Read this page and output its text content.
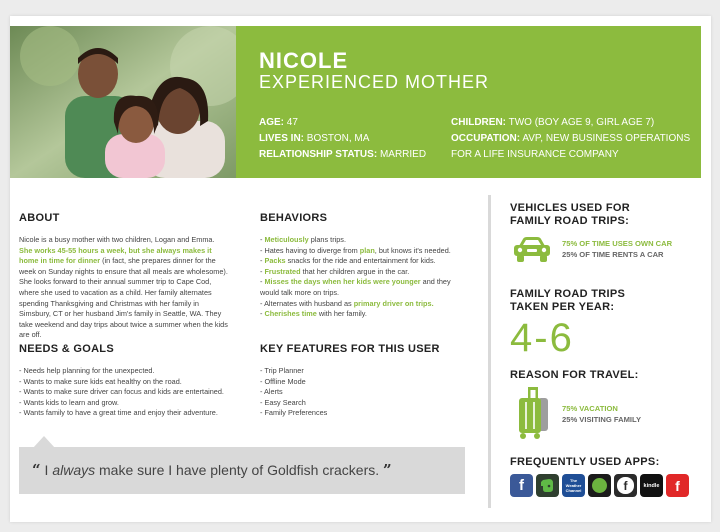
NICOLE
EXPERIENCED MOTHER
AGE: 47
LIVES IN: BOSTON, MA
RELATIONSHIP STATUS: MARRIED
CHILDREN: TWO (BOY AGE 9, GIRL AGE 7)
OCCUPATION: AVP, NEW BUSINESS OPERATIONS FOR A LIFE INSURANCE COMPANY
ABOUT
Nicole is a busy mother with two children, Logan and Emma. She works 45-55 hours a week, but she always makes it home in time for dinner (in fact, she prepares dinner for the week on Sunday nights to ensure that all meals are wholesome). She looks forward to their annual summer trip to Cape Cod, where she used to vacation as a child. Her family alternates spending Thanksgiving and Christmas with her family in Simsbury, CT or her husband Jim's family in Seattle, WA. They take weekend and day trips about twice a summer when the kids are off.
BEHAVIORS
- Meticulously plans trips.
- Hates having to diverge from plan, but knows it's needed.
- Packs snacks for the ride and entertainment for kids.
- Frustrated that her children argue in the car.
- Misses the days when her kids were younger and they would talk more on trips.
- Alternates with husband as primary driver on trips.
- Cherishes time with her family.
NEEDS & GOALS
- Needs help planning for the unexpected.
- Wants to make sure kids eat healthy on the road.
- Wants to make sure driver can focus and kids are entertained.
- Wants kids to learn and grow.
- Wants family to have a great time and enjoy their adventure.
KEY FEATURES FOR THIS USER
- Trip Planner
- Offline Mode
- Alerts
- Easy Search
- Family Preferences
“ I always make sure I have plenty of Goldfish crackers. ”
VEHICLES USED FOR
FAMILY ROAD TRIPS:
75% OF TIME USES OWN CAR
25% OF TIME RENTS A CAR
FAMILY ROAD TRIPS
TAKEN PER YEAR:
4-6
REASON FOR TRAVEL:
75% VACATION
25% VISITING FAMILY
FREQUENTLY USED APPS:
f	The
Weather
Channel	f	kindle f
